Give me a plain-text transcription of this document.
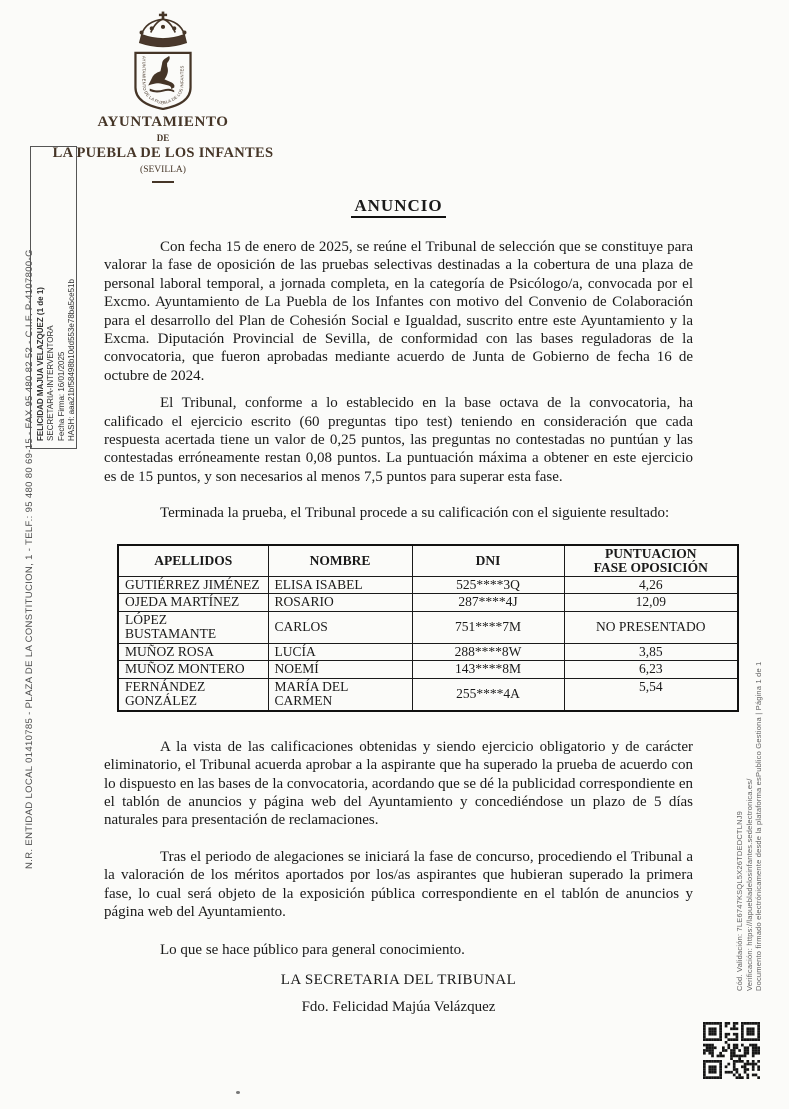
AYUNTAMIENTO DE LA PUEBLA DE LOS INFANTES
AYUNTAMIENTO
DE
LA PUEBLA DE LOS INFANTES
(SEVILLA)
ANUNCIO

Con fecha 15 de enero de 2025, se reúne el Tribunal de selección que se constituye para valorar la fase de oposición de las pruebas selectivas destinadas a la cobertura de una plaza de personal laboral temporal, a jornada completa, en la categoría de Psicólogo/a, convocada por el Excmo. Ayuntamiento de La Puebla de los Infantes con motivo del Convenio de Colaboración para el desarrollo del Plan de Cohesión Social e Igualdad, suscrito entre este Ayuntamiento y la Excma. Diputación Provincial de Sevilla, de conformidad con las bases reguladoras de la convocatoria, que fueron aprobadas mediante acuerdo de Junta de Gobierno de fecha 16 de octubre de 2024.

El Tribunal, conforme a lo establecido en la base octava de la convocatoria, ha calificado el ejercicio escrito (60 preguntas tipo test) teniendo en consideración que cada respuesta acertada tiene un valor de 0,25 puntos, las preguntas no contestadas no puntúan y las contestadas erróneamente restan 0,08 puntos. La puntuación máxima a obtener en este ejercicio es de 15 puntos, y son necesarios al menos 7,5 puntos para superar esta fase.

Terminada la prueba, el Tribunal procede a su calificación con el siguiente resultado:

APELLIDOS	NOMBRE	DNI	PUNTUACION
FASE OPOSICIÓN

GUTIÉRREZ JIMÉNEZ	ELISA ISABEL	525****3Q	4,26
OJEDA MARTÍNEZ	ROSARIO	287****4J	12,09
LÓPEZ BUSTAMANTE	CARLOS	751****7M	NO PRESENTADO
MUÑOZ ROSA	LUCÍA	288****8W	3,85
MUÑOZ MONTERO	NOEMÍ	143****8M	6,23
FERNÁNDEZ GONZÁLEZ	MARÍA DEL CARMEN	255****4A	5,54

A la vista de las calificaciones obtenidas y siendo ejercicio obligatorio y de carácter eliminatorio, el Tribunal acuerda aprobar a la aspirante que ha superado la prueba de acuerdo con lo dispuesto en las bases de la convocatoria, acordando que se dé la publicidad correspondiente en el tablón de anuncios y página web del Ayuntamiento y concediéndose un plazo de 5 días naturales para presentación de reclamaciones.

Tras el periodo de alegaciones se iniciará la fase de concurso, procediendo el Tribunal a la valoración de los méritos aportados por los/as aspirantes que hubieran superado la primera fase, lo cual será objeto de la exposición pública correspondiente en el tablón de anuncios y página web del Ayuntamiento.

Lo que se hace público para general conocimiento.

LA SECRETARIA DEL TRIBUNAL
Fdo. Felicidad Majúa Velázquez
N.R. ENTIDAD LOCAL 01410785 - PLAZA DE LA CONSTITUCION, 1 - TELF.: 95 480 80 69-15 - FAX 95 480 82 52 - C.I.F. P-4107800-G FELICIDAD MAJUA VELAZQUEZ (1 de 1) SECRETARIA-INTERVENTORA Fecha Firma: 16/01/2025 HASH: aaa21bf58498b10dd553e78ba5ce51b
Cód. Validación: 7LE6747KSQL5X26TDEDCTLNJ9 Verificación: https://lapuebladelosinfantes.sedelectronica.es/ Documento firmado electrónicamente desde la plataforma esPublico Gestiona | Página 1 de 1
